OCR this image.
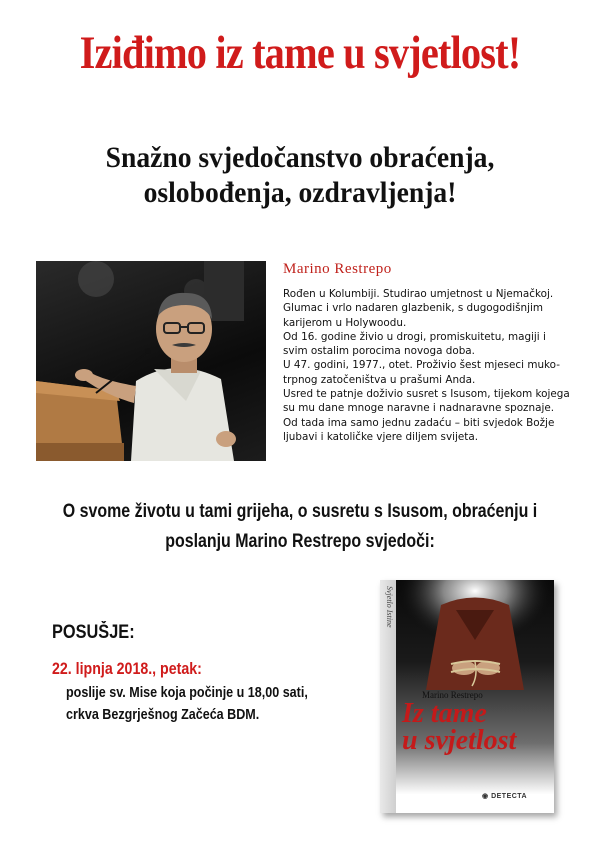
Iziđimo iz tame u svjetlost!
Snažno svjedočanstvo obraćenja,
oslobođenja, ozdravljenja!
Marino Restrepo
Rođen u Kolumbiji. Studirao umjetnost u Njemačkoj.
Glumac i vrlo nadaren glazbenik, s dugogodišnjim
karijerom u Holywoodu.
Od 16. godine živio u drogi, promiskuitetu, magiji i
svim ostalim porocima novoga doba.
U 47. godini, 1977., otet. Proživio šest mjeseci muko-
trpnog zatočeništva u prašumi Anda.
Usred te patnje doživio susret s Isusom, tijekom kojega
su mu dane mnoge naravne i nadnaravne spoznaje.
Od tada ima samo jednu zadaću – biti svjedok Božje
ljubavi i katoličke vjere diljem svijeta.
O svome životu u tami grijeha, o susretu s Isusom, obraćenju i
poslanju Marino Restrepo svjedoči:
POSUŠJE:
22. lipnja 2018., petak:
poslije sv. Mise koja počinje u 18,00 sati,
crkva Bezgrješnog Začeća BDM.
Svjetlo Istine
Marino Restrepo
Iz tame
u svjetlost
◉ DETECTA
